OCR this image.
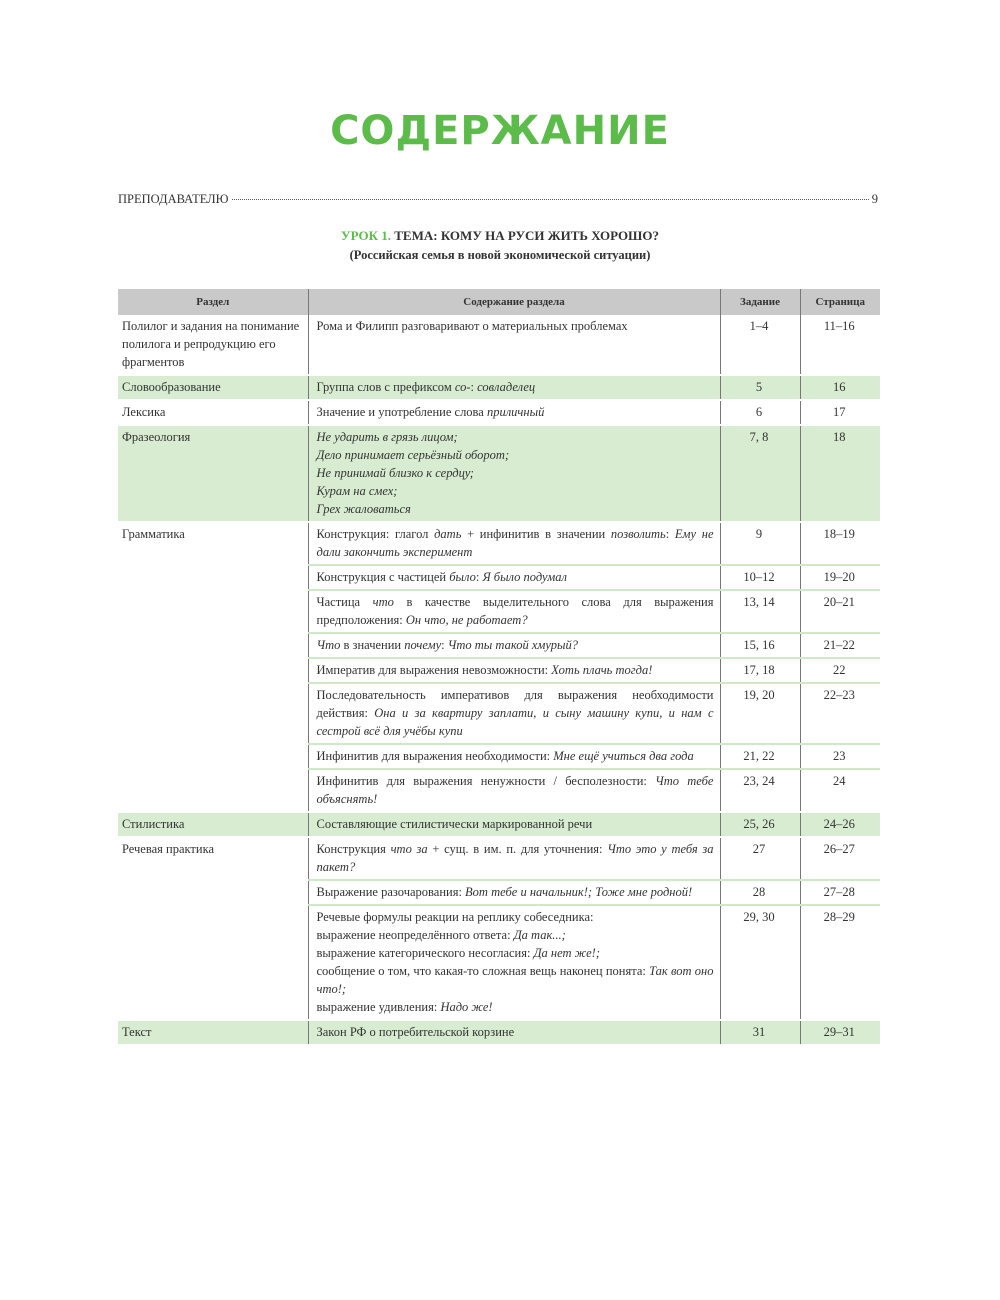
СОДЕРЖАНИЕ
ПРЕПОДАВАТЕЛЮ	9
УРОК 1. ТЕМА: КОМУ НА РУСИ ЖИТЬ ХОРОШО?
(Российская семья в новой экономической ситуации)
Раздел	Содержание раздела	Задание	Страница
Полилог и задания на понимание полилога и репродукцию его фрагментов	Рома и Филипп разговаривают о материальных проблемах	1–4	11–16
Словообразование	Группа слов с префиксом со-: совладелец	5	16
Лексика	Значение и употребление слова приличный	6	17
Фразеология	Не ударить в грязь лицом;
Дело принимает серьёзный оборот;
Не принимай близко к сердцу;
Курам на смех;
Грех жаловаться	7, 8	18
Грамматика	Конструкция: глагол дать + инфинитив в значении позволить: Ему не дали закончить эксперимент	9	18–19
	Конструкция с частицей было: Я было подумал	10–12	19–20
	Частица что в качестве выделительного слова для выражения предположения: Он что, не работает?	13, 14	20–21
	Что в значении почему: Что ты такой хмурый?	15, 16	21–22
	Императив для выражения невозможности: Хоть плачь тогда!	17, 18	22
	Последовательность императивов для выражения необходимости действия: Она и за квартиру заплати, и сыну машину купи, и нам с сестрой всё для учёбы купи	19, 20	22–23
	Инфинитив для выражения необходимости: Мне ещё учиться два года	21, 22	23
	Инфинитив для выражения ненужности / бесполезности: Что тебе объяснять!	23, 24	24
Стилистика	Составляющие стилистически маркированной речи	25, 26	24–26
Речевая практика	Конструкция что за + сущ. в им. п. для уточнения: Что это у тебя за пакет?	27	26–27
	Выражение разочарования: Вот тебе и начальник!; Тоже мне родной!	28	27–28
	Речевые формулы реакции на реплику собеседника:
выражение неопределённого ответа: Да так...;
выражение категорического несогласия: Да нет же!;
сообщение о том, что какая-то сложная вещь наконец понята: Так вот оно что!;
выражение удивления: Надо же!	29, 30	28–29
Текст	Закон РФ о потребительской корзине	31	29–31
